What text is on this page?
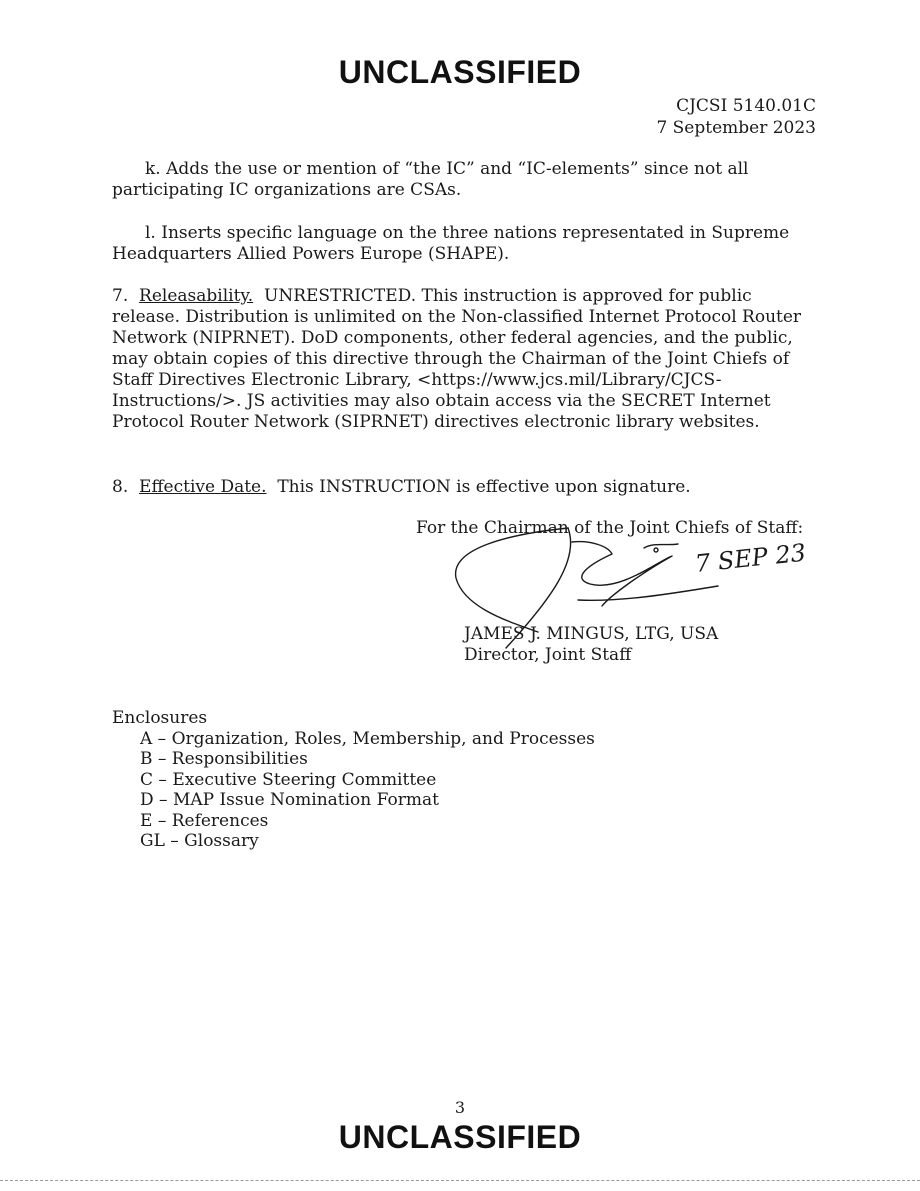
UNCLASSIFIED
CJCSI 5140.01C
7 September 2023

k. Adds the use or mention of “the IC” and “IC-elements” since not all participating IC organizations are CSAs.

l. Inserts specific language on the three nations representated in Supreme Headquarters Allied Powers Europe (SHAPE).

7. Releasability. UNRESTRICTED. This instruction is approved for public release. Distribution is unlimited on the Non-classified Internet Protocol Router Network (NIPRNET). DoD components, other federal agencies, and the public, may obtain copies of this directive through the Chairman of the Joint Chiefs of Staff Directives Electronic Library, <https://www.jcs.mil/Library/CJCS-Instructions/>. JS activities may also obtain access via the SECRET Internet Protocol Router Network (SIPRNET) directives electronic library websites.

8. Effective Date. This INSTRUCTION is effective upon signature.

For the Chairman of the Joint Chiefs of Staff:
JAMES J. MINGUS, LTG, USA
Director, Joint Staff
7 SEP 23
Enclosures
A – Organization, Roles, Membership, and Processes
B – Responsibilities
C – Executive Steering Committee
D – MAP Issue Nomination Format
E – References
GL – Glossary
3
UNCLASSIFIED
